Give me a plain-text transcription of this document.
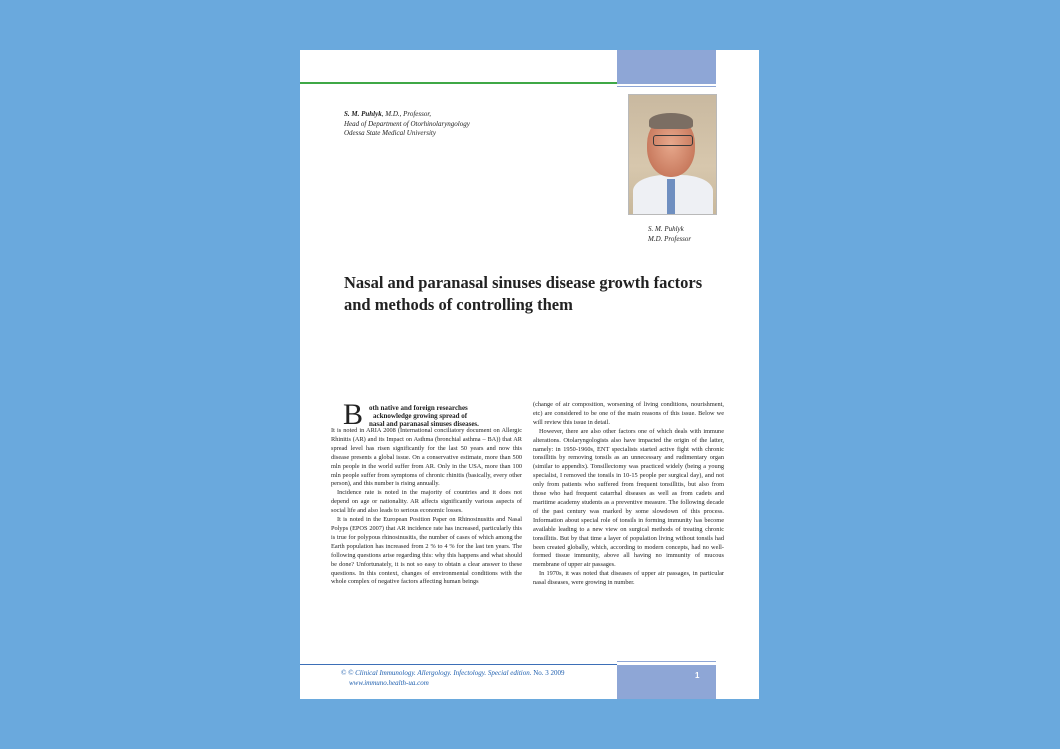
S. M. Puhlyk, M.D., Professor,
Head of Department of Otorhinolaryngology
Odessa State Medical University
S. M. Puhlyk
M.D. Professor
Nasal and paranasal sinuses disease growth factors and methods of controlling them
B oth native and foreign researches
acknowledge growing spread of
nasal and paranasal sinuses diseases.

It is noted in ARIA 2008 (International conciliatory document on Allergic Rhinitis (AR) and its Impact on Asthma (bronchial asthma – BA)) that AR spread level has risen significantly for the last 50 years and now this disease presents a global issue. On a conservative estimate, more than 500 mln people in the world suffer from AR. Only in the USA, more than 100 mln people suffer from symptoms of chronic rhinitis (basically, every other person), and this number is rising annually.

Incidence rate is noted in the majority of countries and it does not depend on age or nationality. AR affects significantly various aspects of social life and also leads to serious economic losses.

It is noted in the European Position Paper on Rhinosinusitis and Nasal Polyps (EPOS 2007) that AR incidence rate has increased, particularly this is true for polypous rhinosinusitis, the number of cases of which among the Earth population has increased from 2 % to 4 % for the last ten years. The following questions arise regarding this: why this happens and what should be done? Unfortunately, it is not so easy to obtain a clear answer to these questions. In this context, changes of environmental conditions with the whole complex of negative factors affecting human beings

(change of air composition, worsening of living conditions, nourishment, etc) are considered to be one of the main reasons of this issue. Below we will review this issue in detail.

However, there are also other factors one of which deals with immune alterations. Otolaryngologists also have impacted the origin of the latter, namely: in 1950-1960s, ENT specialists started active fight with chronic tonsillitis by removing tonsils as an unnecessary and rudimentary organ (similar to appendix). Tonsillectomy was practiced widely (being a young specialist, I removed the tonsils in 10-15 people per surgical day), and not only from patients who suffered from frequent tonsillitis, but also from those who had frequent catarrhal diseases as well as from cadets and maritime academy students as a preventive measure. The following decade of the past century was marked by some slowdown of this process. Information about special role of tonsils in forming immunity has become available leading to a new view on surgical methods of treating chronic tonsillitis. But by that time a layer of population living without tonsils had been created globally, which, according to modern concepts, had no well-formed tissue immunity, above all having no immunity of mucous membrane of upper air passages.

In 1970s, it was noted that diseases of upper air passages, in particular nasal diseases, were growing in number.

1
© © Clinical Immunology. Allergology. Infectology. Special edition. No. 3 2009
www.immuno.health-ua.com
